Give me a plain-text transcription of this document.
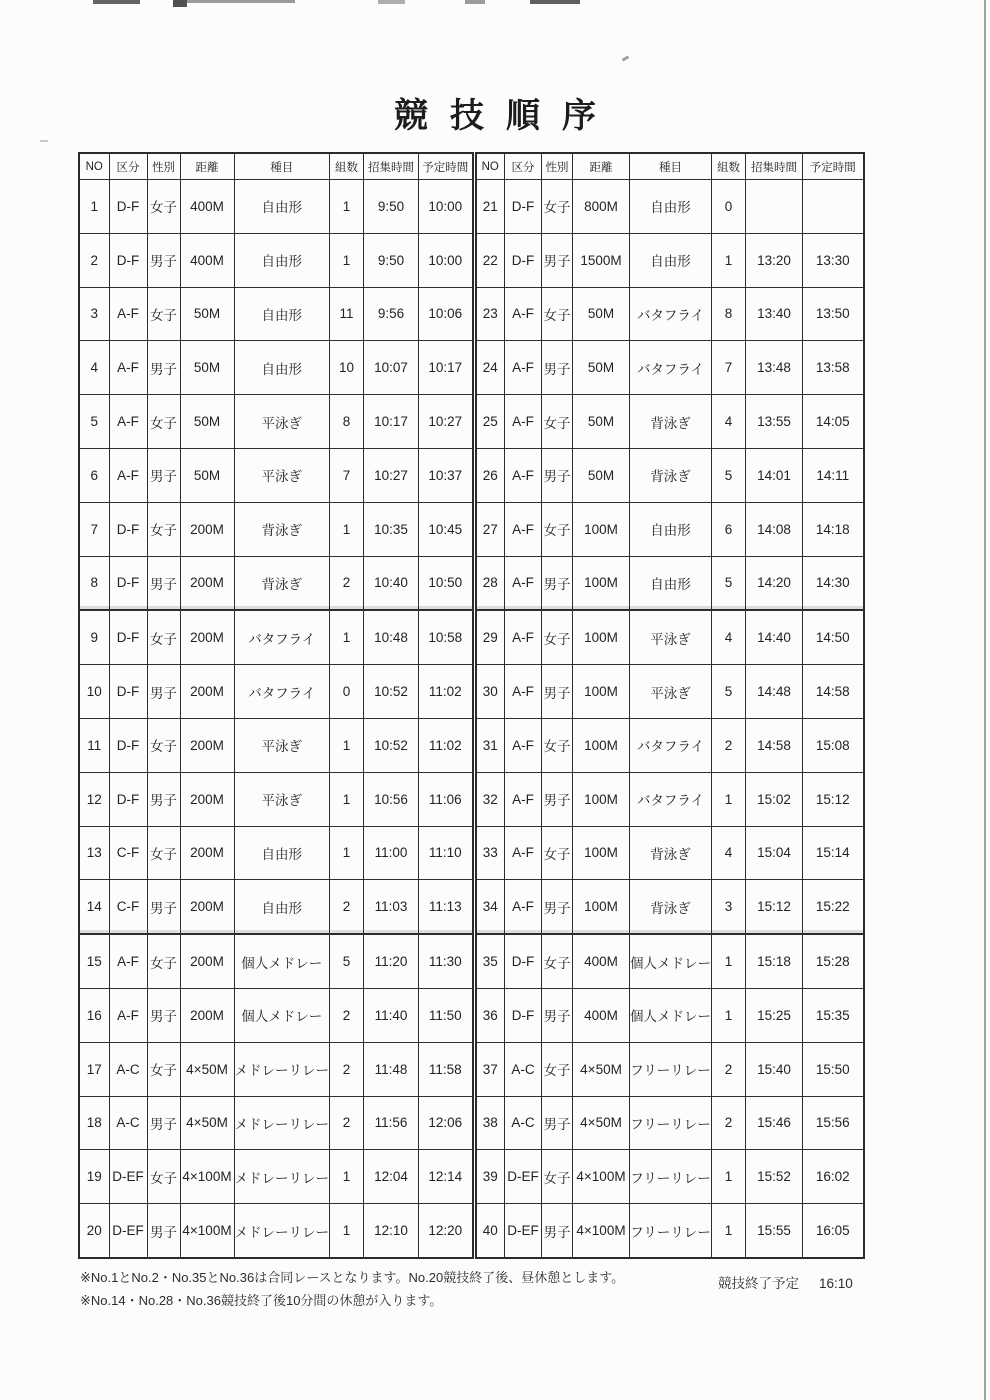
競技順序
NO	区分	性別	距離	種目	組数	招集時間	予定時間
1	D-F	女子	400M	自由形	1	9:50	10:00
2	D-F	男子	400M	自由形	1	9:50	10:00
3	A-F	女子	50M	自由形	11	9:56	10:06
4	A-F	男子	50M	自由形	10	10:07	10:17
5	A-F	女子	50M	平泳ぎ	8	10:17	10:27
6	A-F	男子	50M	平泳ぎ	7	10:27	10:37
7	D-F	女子	200M	背泳ぎ	1	10:35	10:45
8	D-F	男子	200M	背泳ぎ	2	10:40	10:50
9	D-F	女子	200M	バタフライ	1	10:48	10:58
10	D-F	男子	200M	バタフライ	0	10:52	11:02
11	D-F	女子	200M	平泳ぎ	1	10:52	11:02
12	D-F	男子	200M	平泳ぎ	1	10:56	11:06
13	C-F	女子	200M	自由形	1	11:00	11:10
14	C-F	男子	200M	自由形	2	11:03	11:13
15	A-F	女子	200M	個人メドレー	5	11:20	11:30
16	A-F	男子	200M	個人メドレー	2	11:40	11:50
17	A-C	女子	4×50M	メドレーリレー	2	11:48	11:58
18	A-C	男子	4×50M	メドレーリレー	2	11:56	12:06
19	D-EF	女子	4×100M	メドレーリレー	1	12:04	12:14
20	D-EF	男子	4×100M	メドレーリレー	1	12:10	12:20
NO	区分	性別	距離	種目	組数	招集時間	予定時間
21	D-F	女子	800M	自由形	0		
22	D-F	男子	1500M	自由形	1	13:20	13:30
23	A-F	女子	50M	バタフライ	8	13:40	13:50
24	A-F	男子	50M	バタフライ	7	13:48	13:58
25	A-F	女子	50M	背泳ぎ	4	13:55	14:05
26	A-F	男子	50M	背泳ぎ	5	14:01	14:11
27	A-F	女子	100M	自由形	6	14:08	14:18
28	A-F	男子	100M	自由形	5	14:20	14:30
29	A-F	女子	100M	平泳ぎ	4	14:40	14:50
30	A-F	男子	100M	平泳ぎ	5	14:48	14:58
31	A-F	女子	100M	バタフライ	2	14:58	15:08
32	A-F	男子	100M	バタフライ	1	15:02	15:12
33	A-F	女子	100M	背泳ぎ	4	15:04	15:14
34	A-F	男子	100M	背泳ぎ	3	15:12	15:22
35	D-F	女子	400M	個人メドレー	1	15:18	15:28
36	D-F	男子	400M	個人メドレー	1	15:25	15:35
37	A-C	女子	4×50M	フリーリレー	2	15:40	15:50
38	A-C	男子	4×50M	フリーリレー	2	15:46	15:56
39	D-EF	女子	4×100M	フリーリレー	1	15:52	16:02
40	D-EF	男子	4×100M	フリーリレー	1	15:55	16:05

※No.1とNo.2・No.35とNo.36は合同レースとなります。No.20競技終了後、昼休憩とします。

※No.14・No.28・No.36競技終了後10分間の休憩が入ります。

競技終了予定 16:10
